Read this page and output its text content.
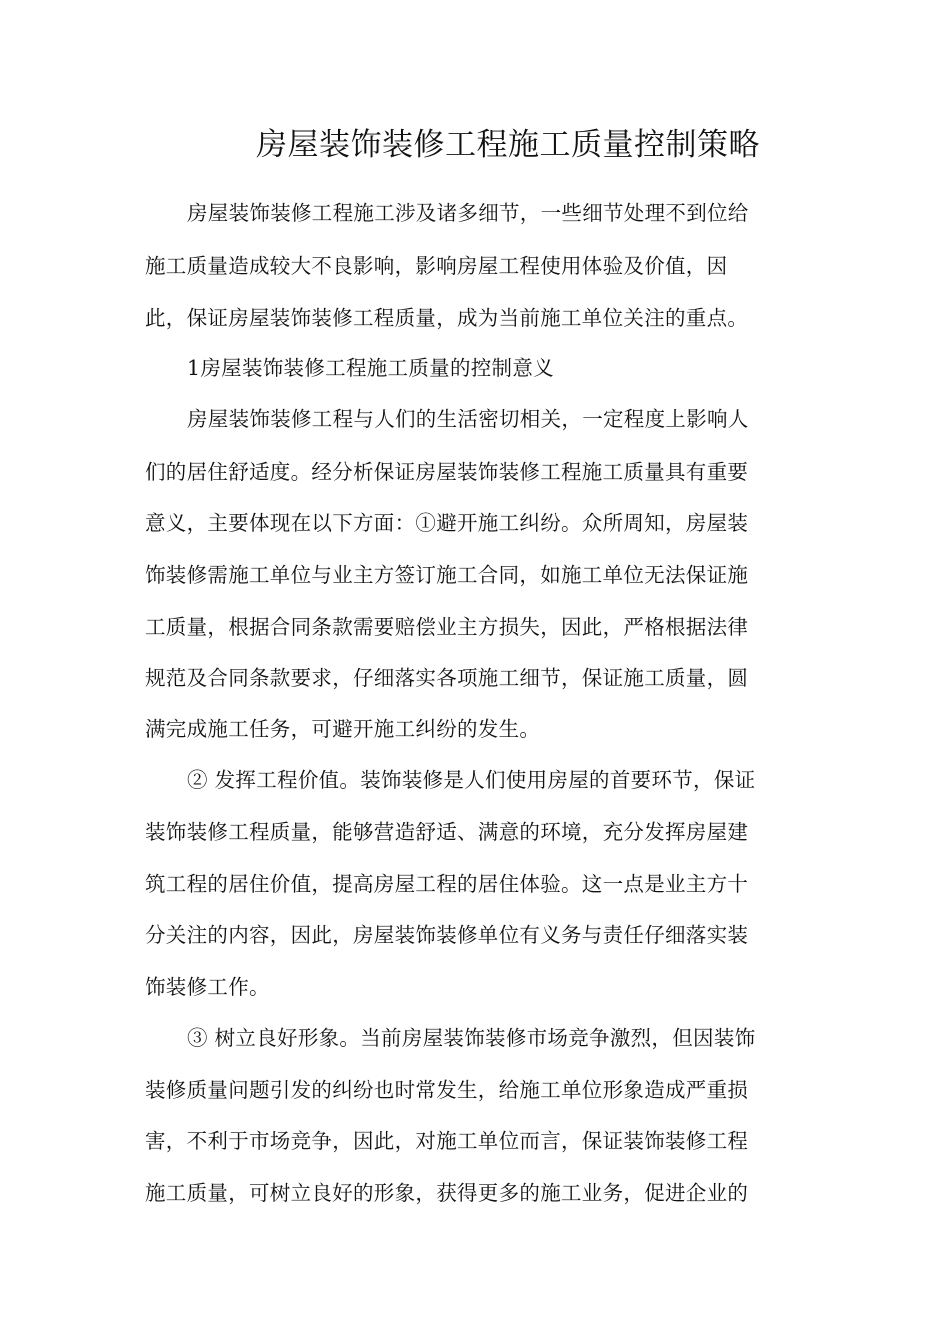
房屋装饰装修工程施工质量控制策略
房屋装饰装修工程施工涉及诸多细节，一些细节处理不到位给
施工质量造成较大不良影响，影响房屋工程使用体验及价值，因
此，保证房屋装饰装修工程质量，成为当前施工单位关注的重点。
1房屋装饰装修工程施工质量的控制意义
房屋装饰装修工程与人们的生活密切相关，一定程度上影响人
们的居住舒适度。经分析保证房屋装饰装修工程施工质量具有重要
意义，主要体现在以下方面：①避开施工纠纷。众所周知，房屋装
饰装修需施工单位与业主方签订施工合同，如施工单位无法保证施
工质量，根据合同条款需要赔偿业主方损失，因此，严格根据法律
规范及合同条款要求，仔细落实各项施工细节，保证施工质量，圆
满完成施工任务，可避开施工纠纷的发生。
② 发挥工程价值。装饰装修是人们使用房屋的首要环节，保证
装饰装修工程质量，能够营造舒适、满意的环境，充分发挥房屋建
筑工程的居住价值，提高房屋工程的居住体验。这一点是业主方十
分关注的内容，因此，房屋装饰装修单位有义务与责任仔细落实装
饰装修工作。
③ 树立良好形象。当前房屋装饰装修市场竞争激烈，但因装饰
装修质量问题引发的纠纷也时常发生，给施工单位形象造成严重损
害，不利于市场竞争，因此，对施工单位而言，保证装饰装修工程
施工质量，可树立良好的形象，获得更多的施工业务，促进企业的
